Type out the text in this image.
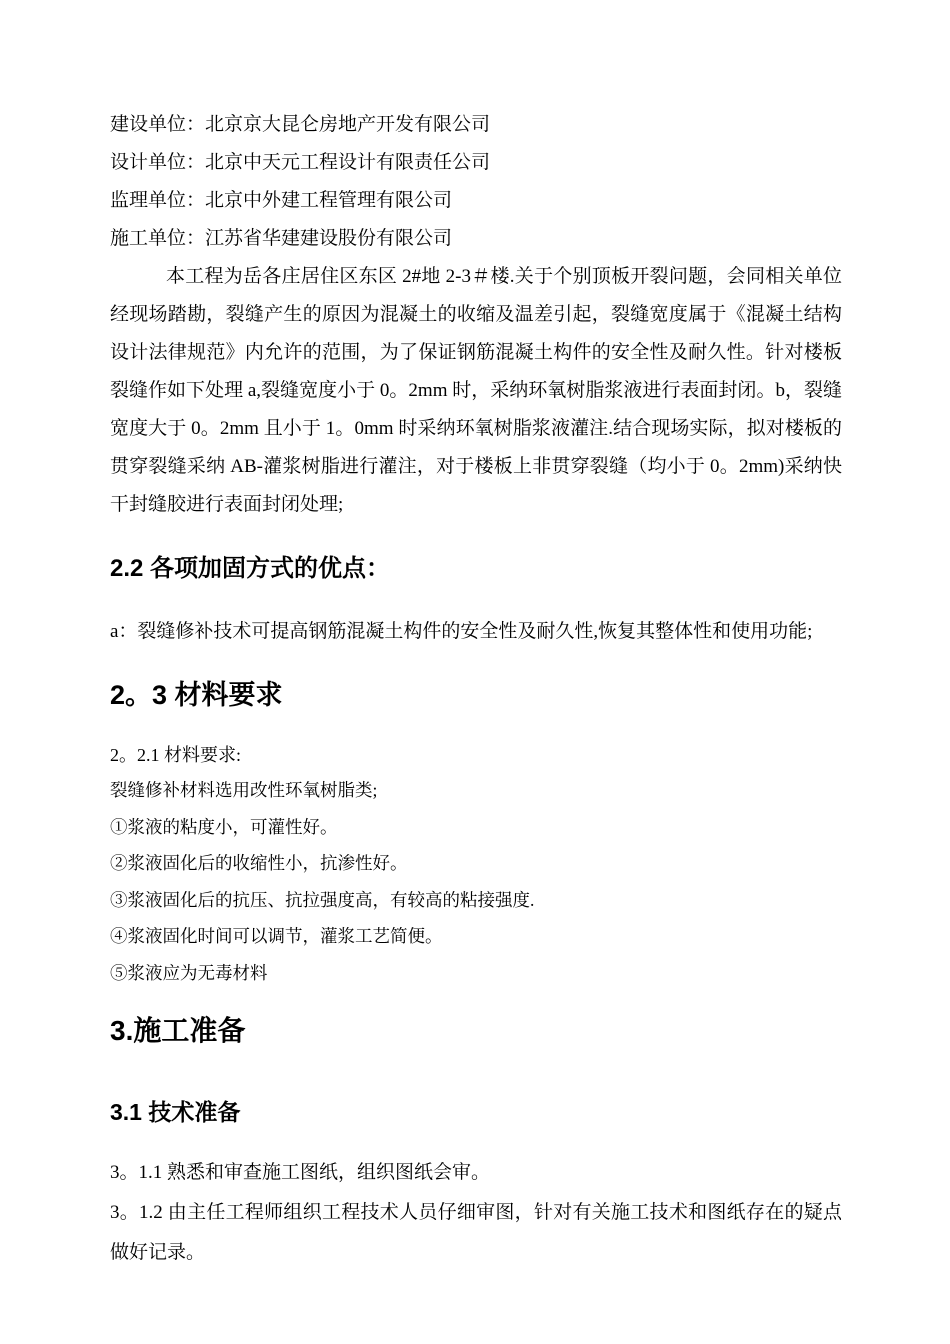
建设单位：北京京大昆仑房地产开发有限公司
设计单位：北京中天元工程设计有限责任公司
监理单位：北京中外建工程管理有限公司
施工单位：江苏省华建建设股份有限公司

本工程为岳各庄居住区东区 2#地 2-3＃楼.关于个别顶板开裂问题，会同相关单位经现场踏勘，裂缝产生的原因为混凝土的收缩及温差引起，裂缝宽度属于《混凝土结构设计法律规范》内允许的范围，为了保证钢筋混凝土构件的安全性及耐久性。针对楼板裂缝作如下处理 a,裂缝宽度小于 0。2mm 时，采纳环氧树脂浆液进行表面封闭。b，裂缝宽度大于 0。2mm 且小于 1。0mm 时采纳环氧树脂浆液灌注.结合现场实际，拟对楼板的贯穿裂缝采纳 AB-灌浆树脂进行灌注，对于楼板上非贯穿裂缝（均小于 0。2mm)采纳快干封缝胶进行表面封闭处理;

2.2 各项加固方式的优点：
a：裂缝修补技术可提高钢筋混凝土构件的安全性及耐久性,恢复其整体性和使用功能;
2。3 材料要求
2。2.1 材料要求:
裂缝修补材料选用改性环氧树脂类;
①浆液的粘度小，可灌性好。
②浆液固化后的收缩性小，抗渗性好。
③浆液固化后的抗压、抗拉强度高，有较高的粘接强度.
④浆液固化时间可以调节，灌浆工艺简便。
⑤浆液应为无毒材料
3.施工准备
3.1 技术准备
3。1.1 熟悉和审查施工图纸，组织图纸会审。
3。1.2 由主任工程师组织工程技术人员仔细审图，针对有关施工技术和图纸存在的疑点做好记录。
